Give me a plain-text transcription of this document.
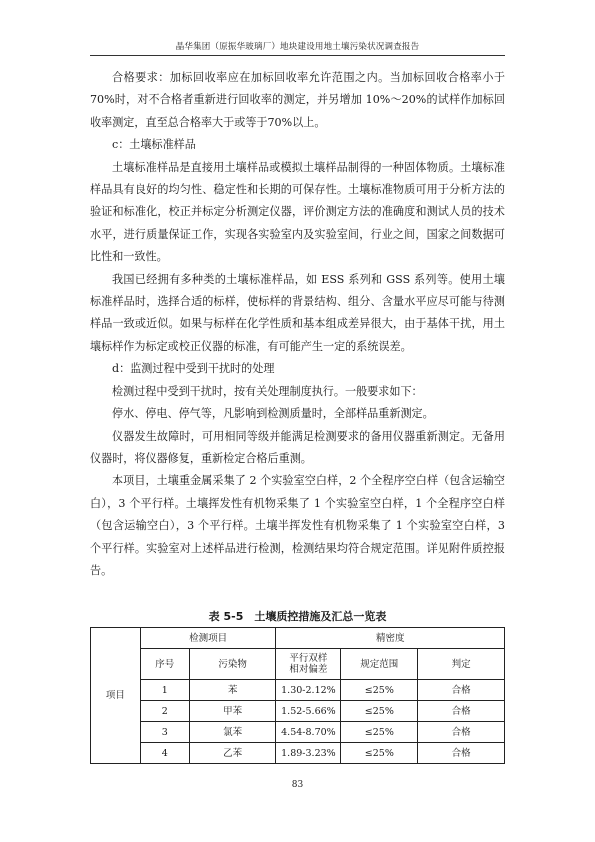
晶华集团（原振华玻璃厂）地块建设用地土壤污染状况调查报告

合格要求：加标回收率应在加标回收率允许范围之内。当加标回收合格率小于70%时，对不合格者重新进行回收率的测定，并另增加 10%～20%的试样作加标回收率测定，直至总合格率大于或等于70%以上。

c：土壤标准样品

土壤标准样品是直接用土壤样品或模拟土壤样品制得的一种固体物质。土壤标准样品具有良好的均匀性、稳定性和长期的可保存性。土壤标准物质可用于分析方法的验证和标准化，校正并标定分析测定仪器，评价测定方法的准确度和测试人员的技术水平，进行质量保证工作，实现各实验室内及实验室间，行业之间，国家之间数据可比性和一致性。

我国已经拥有多种类的土壤标准样品，如 ESS 系列和 GSS 系列等。使用土壤标准样品时，选择合适的标样，使标样的背景结构、组分、含量水平应尽可能与待测样品一致或近似。如果与标样在化学性质和基本组成差异很大，由于基体干扰，用土壤标样作为标定或校正仪器的标准，有可能产生一定的系统误差。

d：监测过程中受到干扰时的处理

检测过程中受到干扰时，按有关处理制度执行。一般要求如下：

停水、停电、停气等，凡影响到检测质量时，全部样品重新测定。

仪器发生故障时，可用相同等级并能满足检测要求的备用仪器重新测定。无备用仪器时，将仪器修复，重新检定合格后重测。

本项目，土壤重金属采集了 2 个实验室空白样，2 个全程序空白样（包含运输空白），3 个平行样。土壤挥发性有机物采集了 1 个实验室空白样，1 个全程序空白样（包含运输空白），3 个平行样。土壤半挥发性有机物采集了 1 个实验室空白样，3 个平行样。实验室对上述样品进行检测，检测结果均符合规定范围。详见附件质控报告。

表 5-5　土壤质控措施及汇总一览表
项目	检测项目		精密度		
	序号	污染物	平行双样相对偏差	规定范围	判定
	1	苯	1.30-2.12%	≤25%	合格
	2	甲苯	1.52-5.66%	≤25%	合格
	3	氯苯	4.54-8.70%	≤25%	合格
	4	乙苯	1.89-3.23%	≤25%	合格
83
